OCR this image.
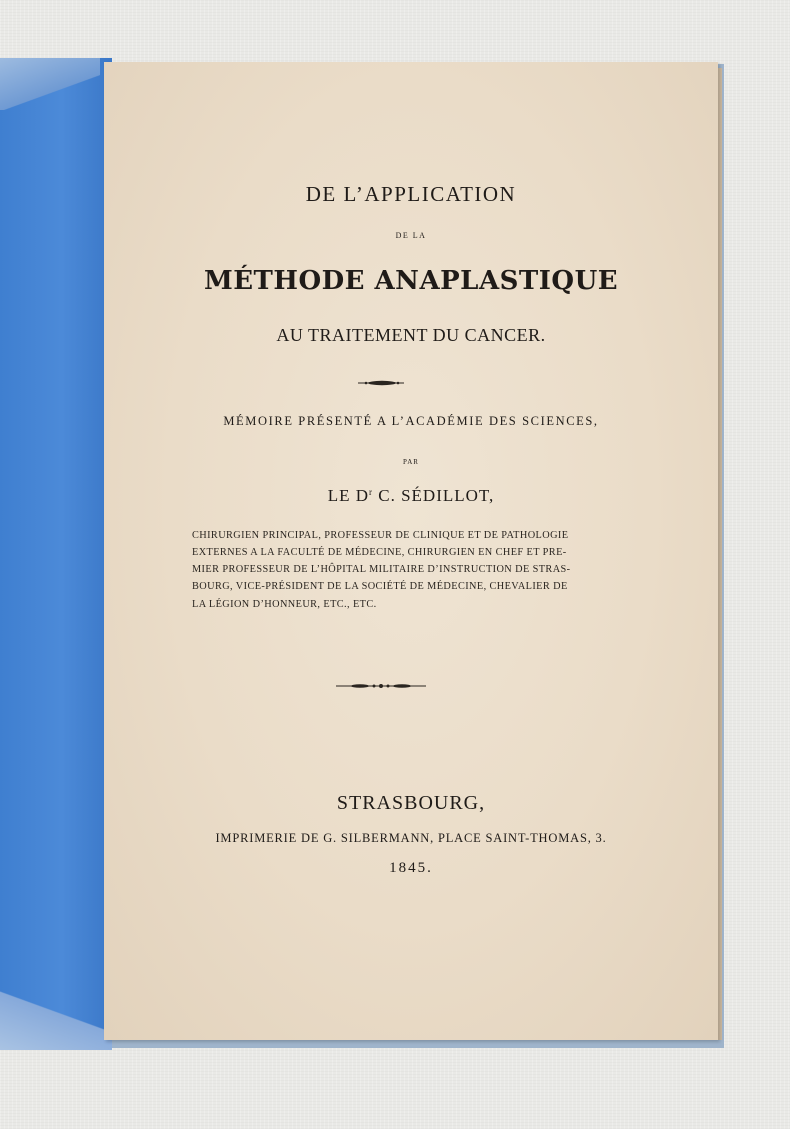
DE L’APPLICATION
DE LA
MÉTHODE ANAPLASTIQUE
AU TRAITEMENT DU CANCER.
MÉMOIRE PRÉSENTÉ A L’ACADÉMIE DES SCIENCES,
PAR
LE $D^r$ C. SÉDILLOT,
CHIRURGIEN PRINCIPAL, PROFESSEUR DE CLINIQUE ET DE PATHOLOGIE
EXTERNES A LA FACULTÉ DE MÉDECINE, CHIRURGIEN EN CHEF ET PRE-
MIER PROFESSEUR DE L’HÔPITAL MILITAIRE D’INSTRUCTION DE STRAS-
BOURG, VICE-PRÉSIDENT DE LA SOCIÉTÉ DE MÉDECINE, CHEVALIER DE
LA LÉGION D’HONNEUR, ETC., ETC.
STRASBOURG,
IMPRIMERIE DE G. SILBERMANN, PLACE SAINT-THOMAS, 3.
1845.
